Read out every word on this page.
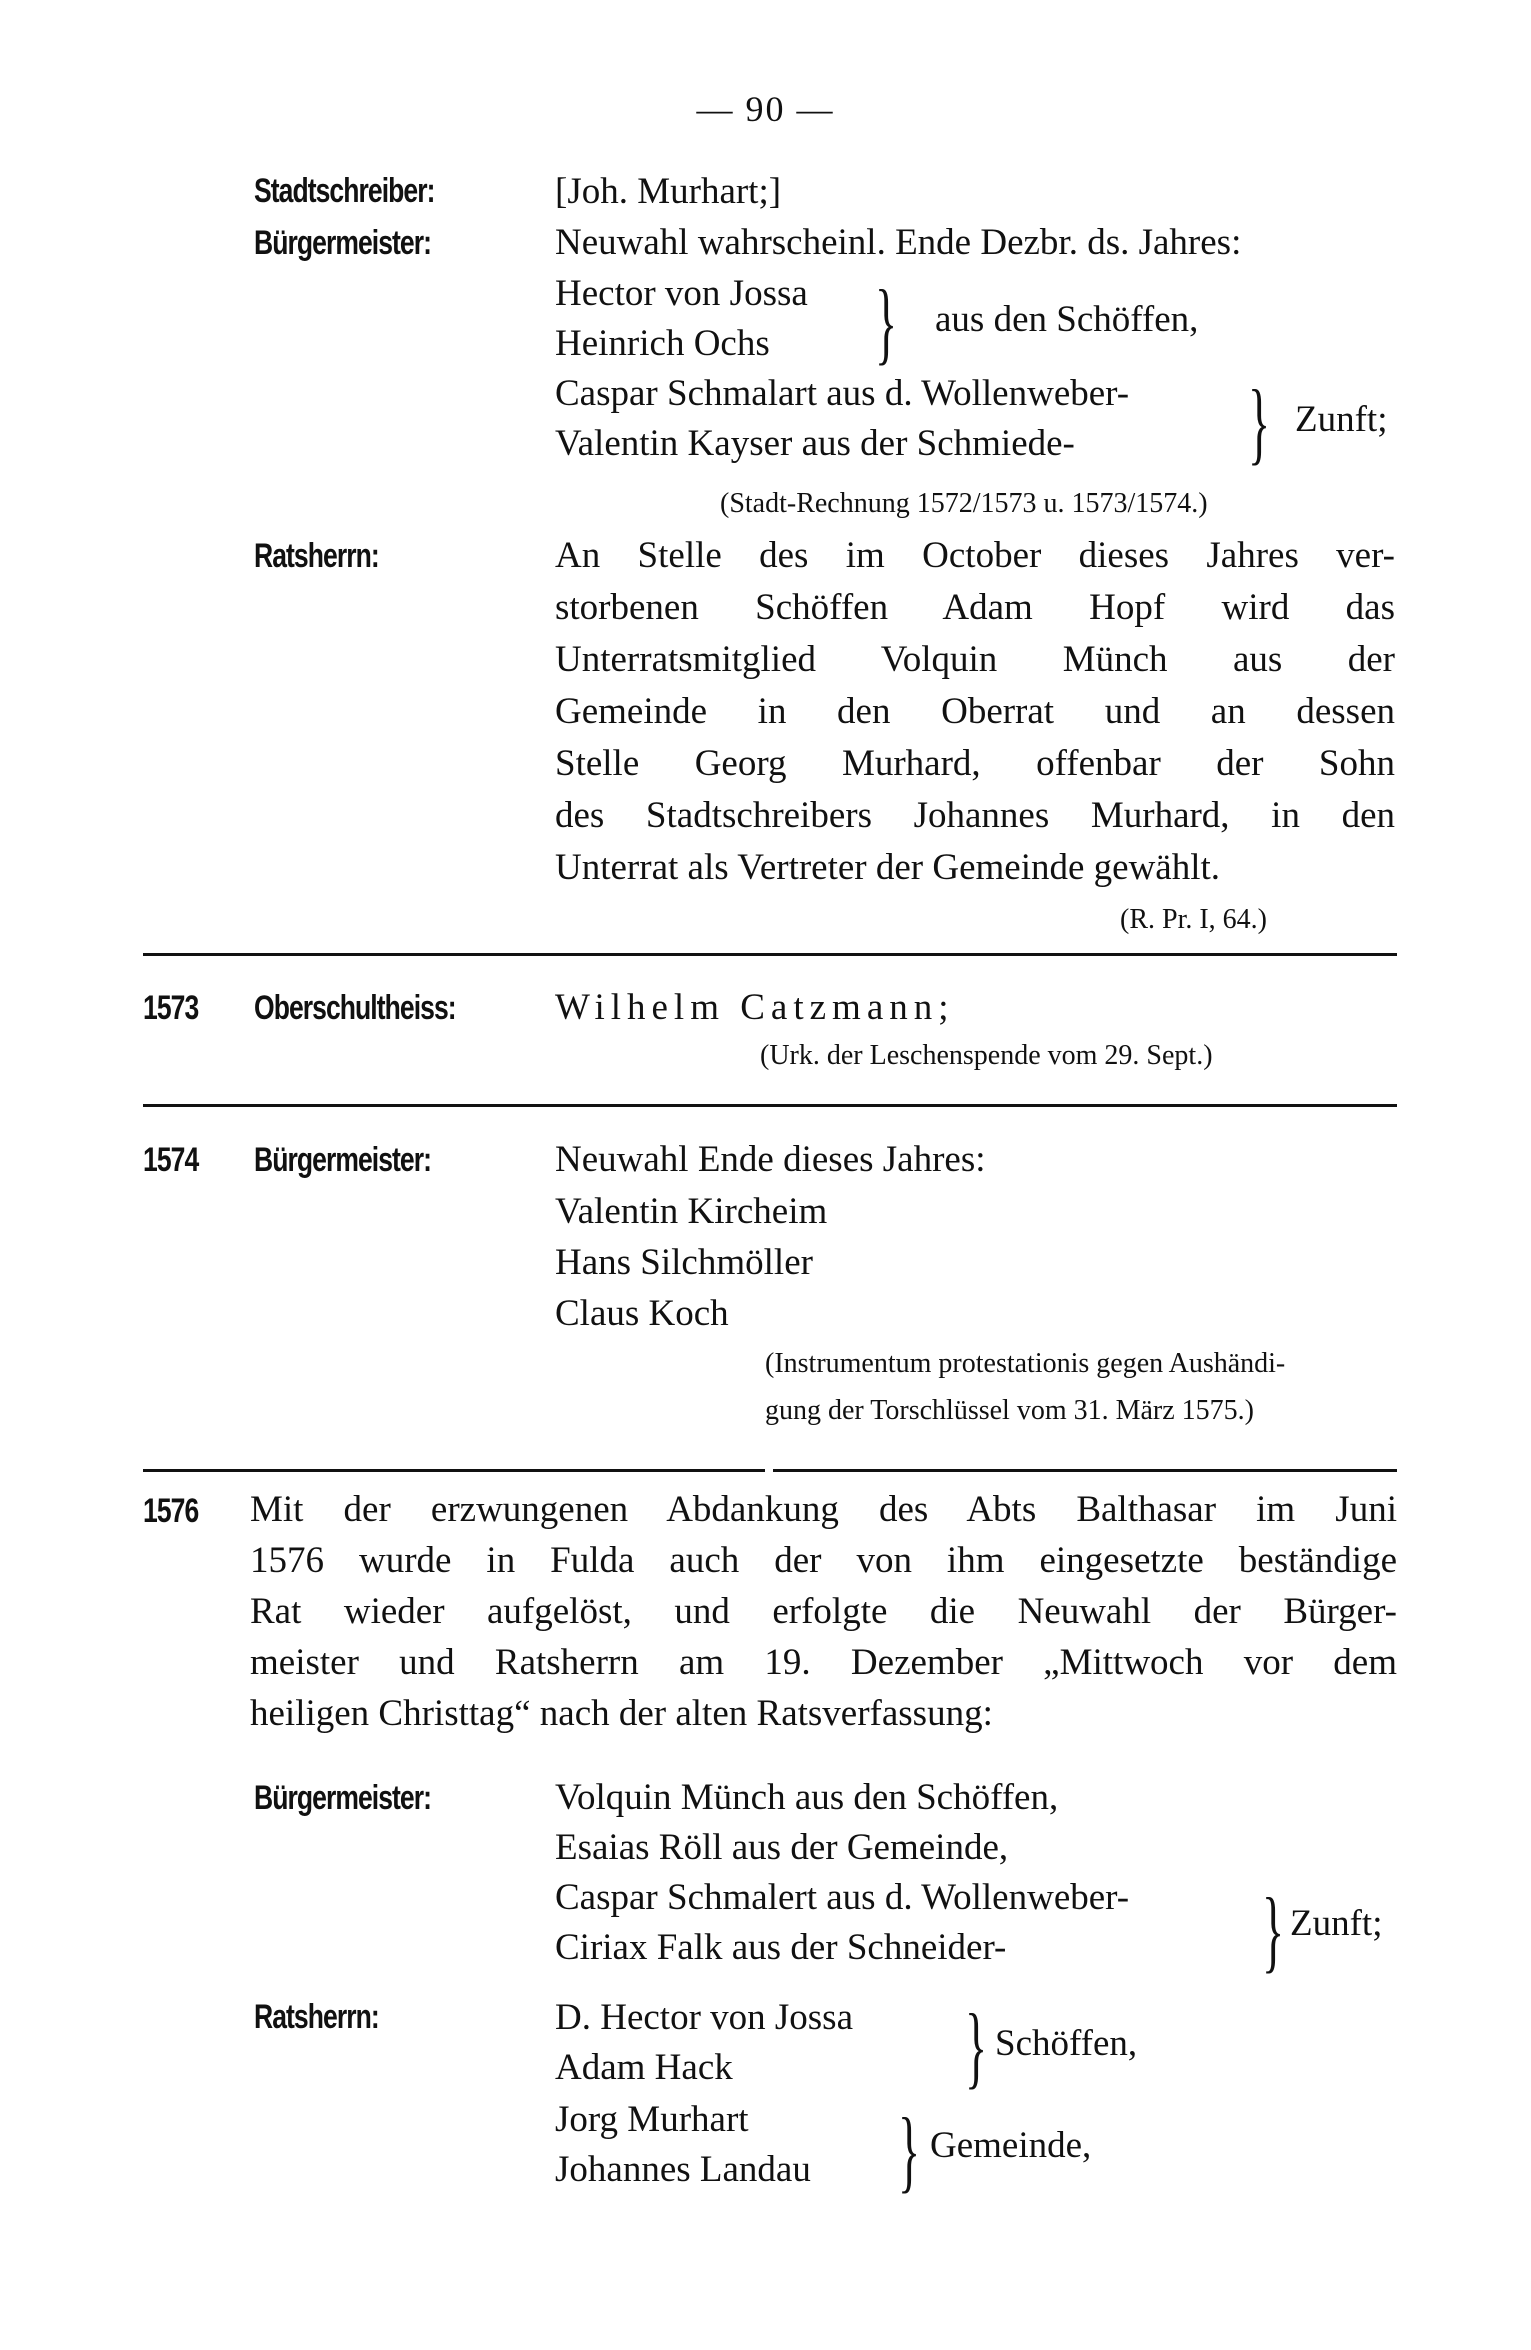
— 90 —
Stadtschreiber:	[Joh. Murhart;]
Bürgermeister:	Neuwahl wahrscheinl. Ende Dezbr. ds. Jahres:
Hector von Jossa
Heinrich Ochs } aus den Schöffen,
Caspar Schmalart aus d. Wollenweber-
Valentin Kayser aus der Schmiede- } Zunft;
(Stadt-Rechnung 1572/1573 u. 1573/1574.)
Ratsherrn:	An Stelle des im October dieses Jahres ver-
storbenen Schöffen Adam Hopf wird das
Unterratsmitglied Volquin Münch aus der
Gemeinde in den Oberrat und an dessen
Stelle Georg Murhard, offenbar der Sohn
des Stadtschreibers Johannes Murhard, in den
Unterrat als Vertreter der Gemeinde gewählt.
(R. Pr. I, 64.)
1573 Oberschultheiss:	Wilhelm Catzmann;
(Urk. der Leschenspende vom 29. Sept.)
1574 Bürgermeister:	Neuwahl Ende dieses Jahres:
Valentin Kircheim
Hans Silchmöller
Claus Koch
(Instrumentum protestationis gegen Aushändi-
gung der Torschlüssel vom 31. März 1575.)
1576 Mit der erzwungenen Abdankung des Abts Balthasar im Juni
1576 wurde in Fulda auch der von ihm eingesetzte beständige
Rat wieder aufgelöst, und erfolgte die Neuwahl der Bürger-
meister und Ratsherrn am 19. Dezember „Mittwoch vor dem
heiligen Christtag“ nach der alten Ratsverfassung:
Bürgermeister:	Volquin Münch aus den Schöffen,
Esaias Röll aus der Gemeinde,
Caspar Schmalert aus d. Wollenweber-
Ciriax Falk aus der Schneider-	} Zunft;
Ratsherrn:	D. Hector von Jossa
Adam Hack	} Schöffen,
Jorg Murhart
Johannes Landau } Gemeinde,
